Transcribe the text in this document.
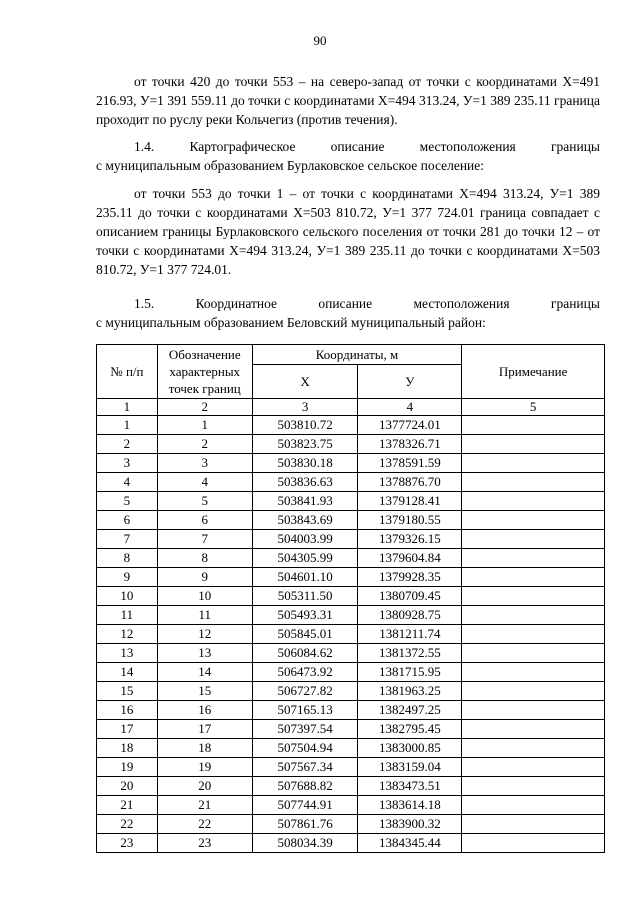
90
от точки 420 до точки 553 – на северо-запад от точки с координатами Х=491 216.93, У=1 391 559.11 до точки с координатами Х=494 313.24, У=1 389 235.11 граница проходит по руслу реки Кольчегиз (против течения).
1.4.	Картографическое	описание	местоположения	границы
с муниципальным образованием Бурлаковское сельское поселение:
от точки 553 до точки 1 – от точки с координатами Х=494 313.24, У=1 389 235.11 до точки с координатами Х=503 810.72, У=1 377 724.01 граница совпадает с описанием границы Бурлаковского сельского поселения от точки 281 до точки 12 – от точки с координатами Х=494 313.24, У=1 389 235.11 до точки с координатами Х=503 810.72, У=1 377 724.01.
1.5.	Координатное	описание	местоположения	границы
с муниципальным образованием Беловский муниципальный район:
№ п/п	Обозначение характерных точек границ	Координаты, м		Примечание
		Х	У	
1	2	3	4	5
1	1	503810.72	1377724.01	
2	2	503823.75	1378326.71	
3	3	503830.18	1378591.59	
4	4	503836.63	1378876.70	
5	5	503841.93	1379128.41	
6	6	503843.69	1379180.55	
7	7	504003.99	1379326.15	
8	8	504305.99	1379604.84	
9	9	504601.10	1379928.35	
10	10	505311.50	1380709.45	
11	11	505493.31	1380928.75	
12	12	505845.01	1381211.74	
13	13	506084.62	1381372.55	
14	14	506473.92	1381715.95	
15	15	506727.82	1381963.25	
16	16	507165.13	1382497.25	
17	17	507397.54	1382795.45	
18	18	507504.94	1383000.85	
19	19	507567.34	1383159.04	
20	20	507688.82	1383473.51	
21	21	507744.91	1383614.18	
22	22	507861.76	1383900.32	
23	23	508034.39	1384345.44	
